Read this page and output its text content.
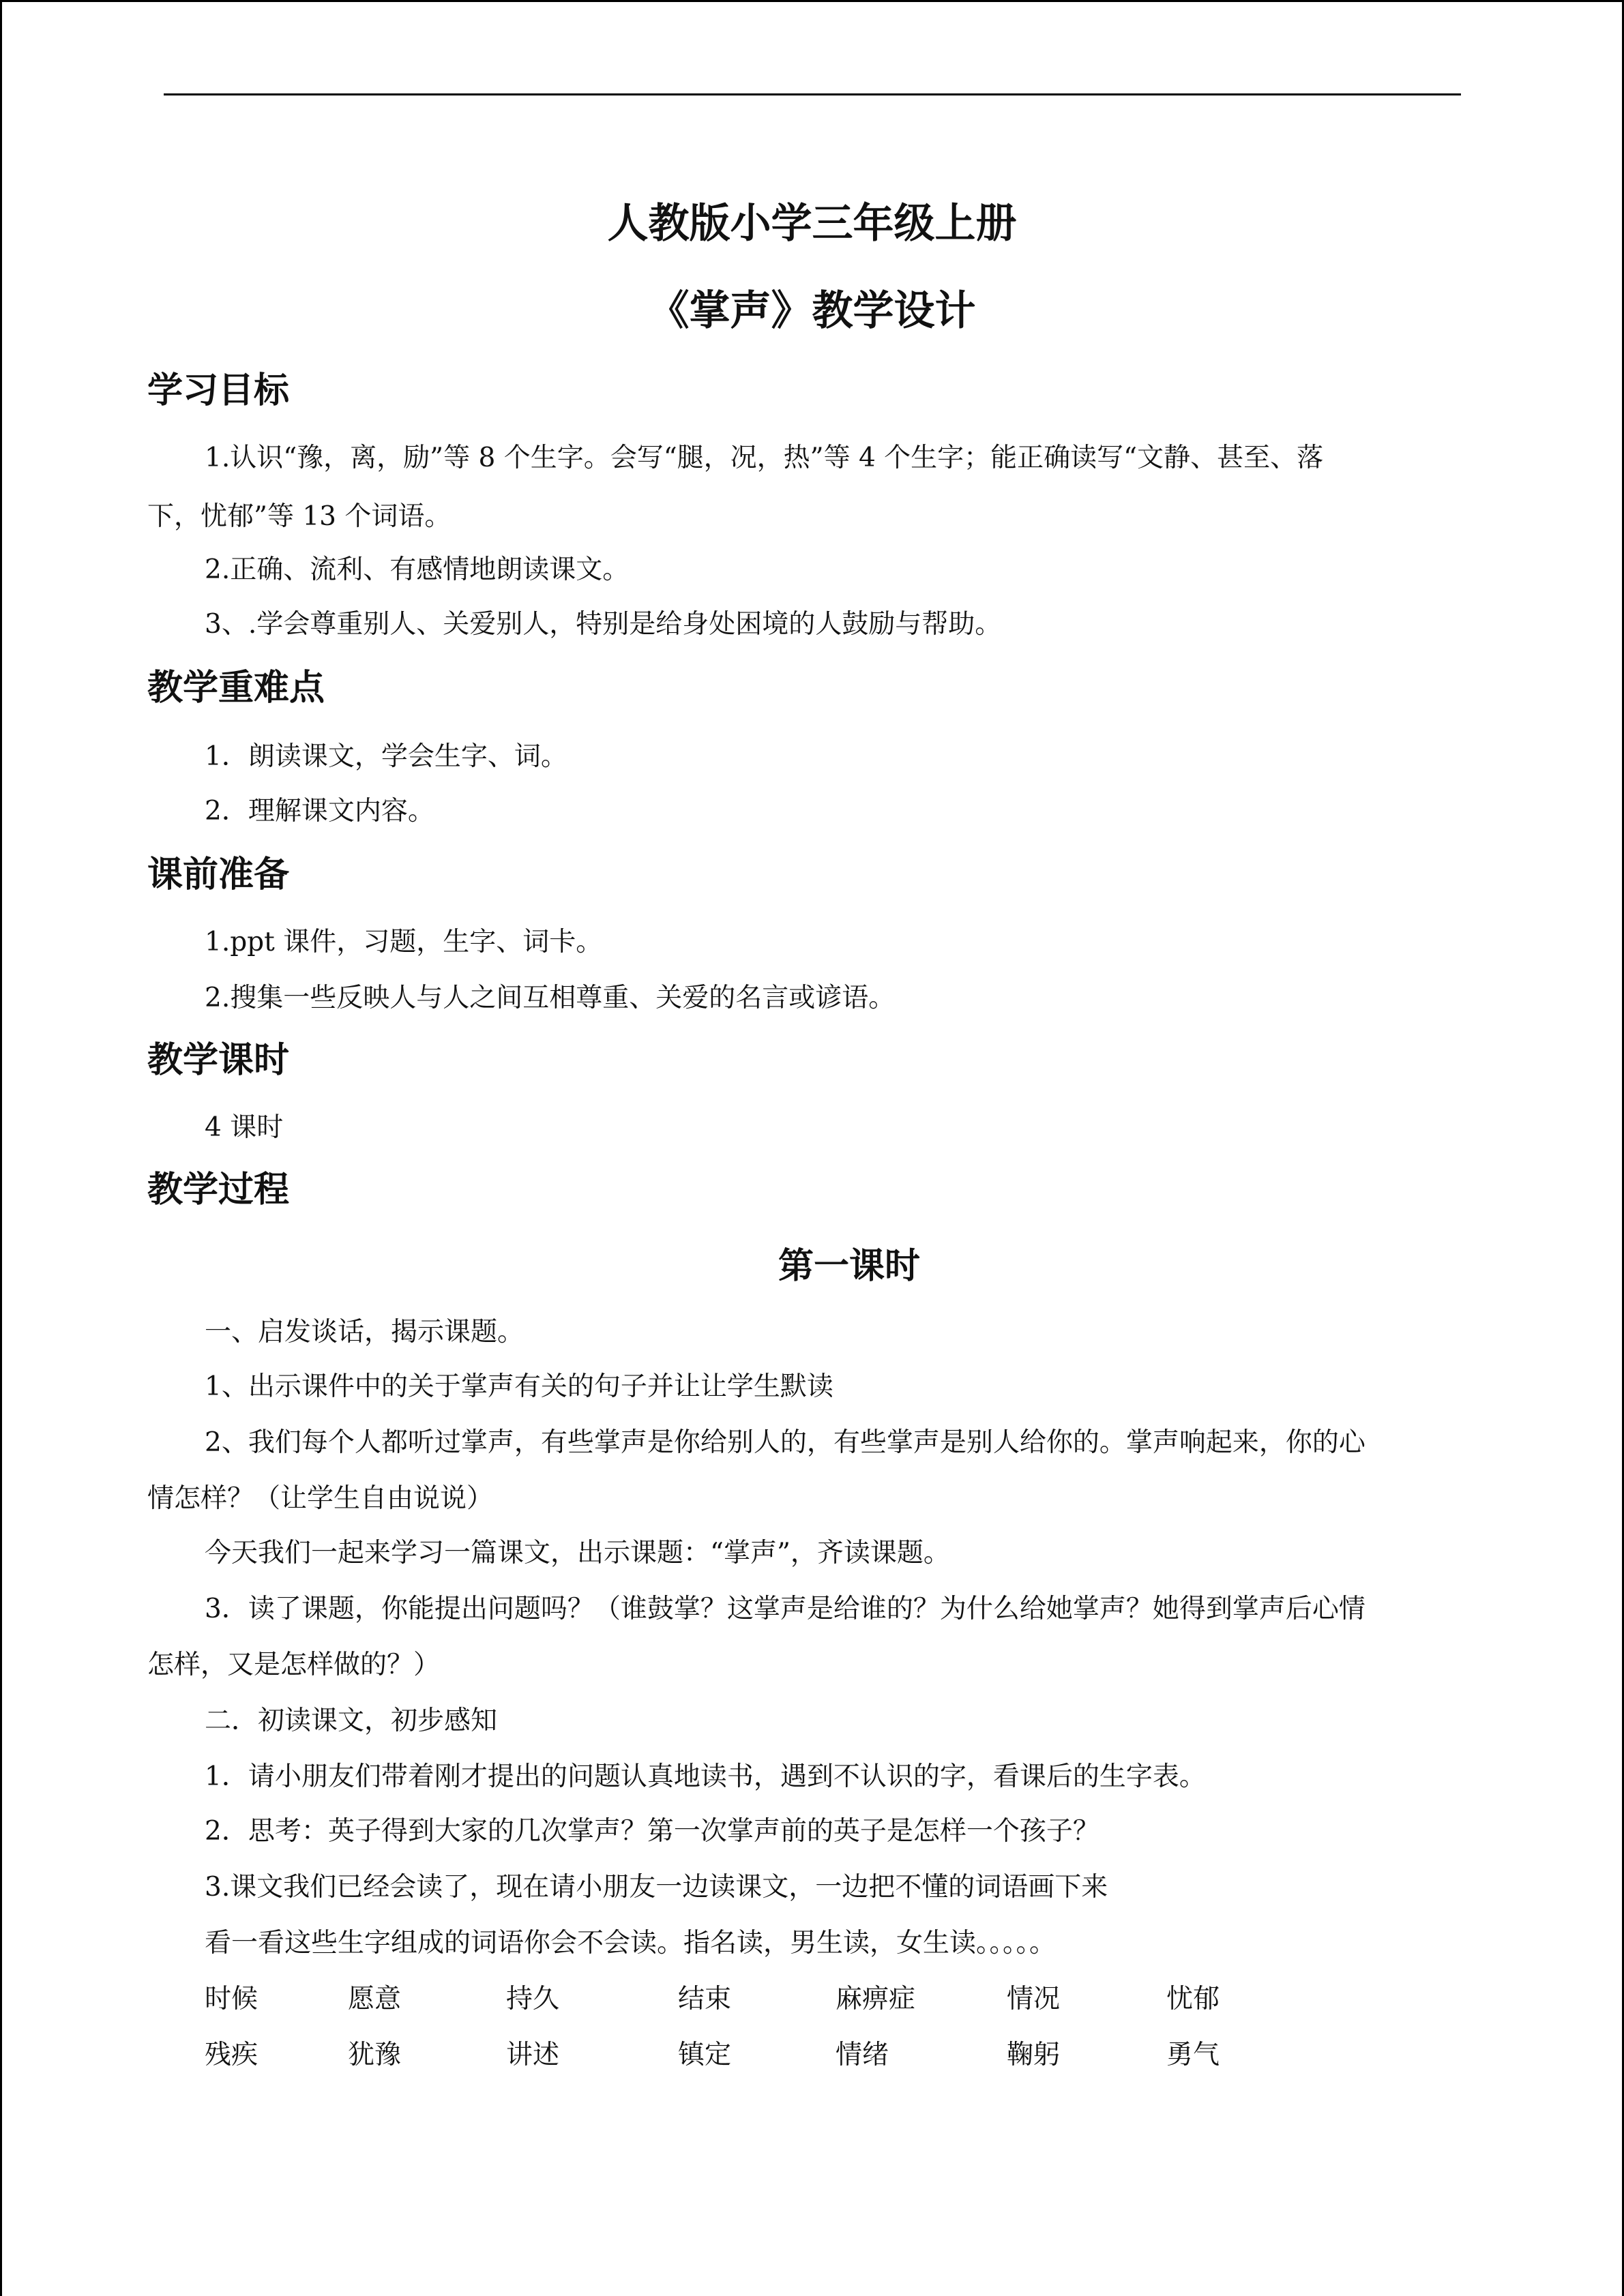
人教版小学三年级上册
《掌声》教学设计
学习目标
1.认识“豫，离，励”等 8 个生字。会写“腿，况，热”等 4 个生字；能正确读写“文静、甚至、落
下，忧郁”等 13 个词语。
2.正确、流利、有感情地朗读课文。
3、.学会尊重别人、关爱别人，特别是给身处困境的人鼓励与帮助。
教学重难点
1．朗读课文，学会生字、词。
2．理解课文内容。
课前准备
1.ppt 课件，习题，生字、词卡。
2.搜集一些反映人与人之间互相尊重、关爱的名言或谚语。
教学课时
4 课时
教学过程
第一课时
一、启发谈话，揭示课题。
1、出示课件中的关于掌声有关的句子并让让学生默读
2、我们每个人都听过掌声，有些掌声是你给别人的，有些掌声是别人给你的。掌声响起来，你的心
情怎样？（让学生自由说说）
今天我们一起来学习一篇课文，出示课题：“掌声”，齐读课题。
3．读了课题，你能提出问题吗？（谁鼓掌？这掌声是给谁的？为什么给她掌声？她得到掌声后心情
怎样，又是怎样做的？）
二．初读课文，初步感知
1．请小朋友们带着刚才提出的问题认真地读书，遇到不认识的字，看课后的生字表。
2．思考：英子得到大家的几次掌声？第一次掌声前的英子是怎样一个孩子？
3.课文我们已经会读了，现在请小朋友一边读课文，一边把不懂的词语画下来
看一看这些生字组成的词语你会不会读。指名读，男生读，女生读。。。。。
时候	愿意	持久	结束	麻痹症	情况	忧郁
残疾	犹豫	讲述	镇定	情绪	鞠躬	勇气
